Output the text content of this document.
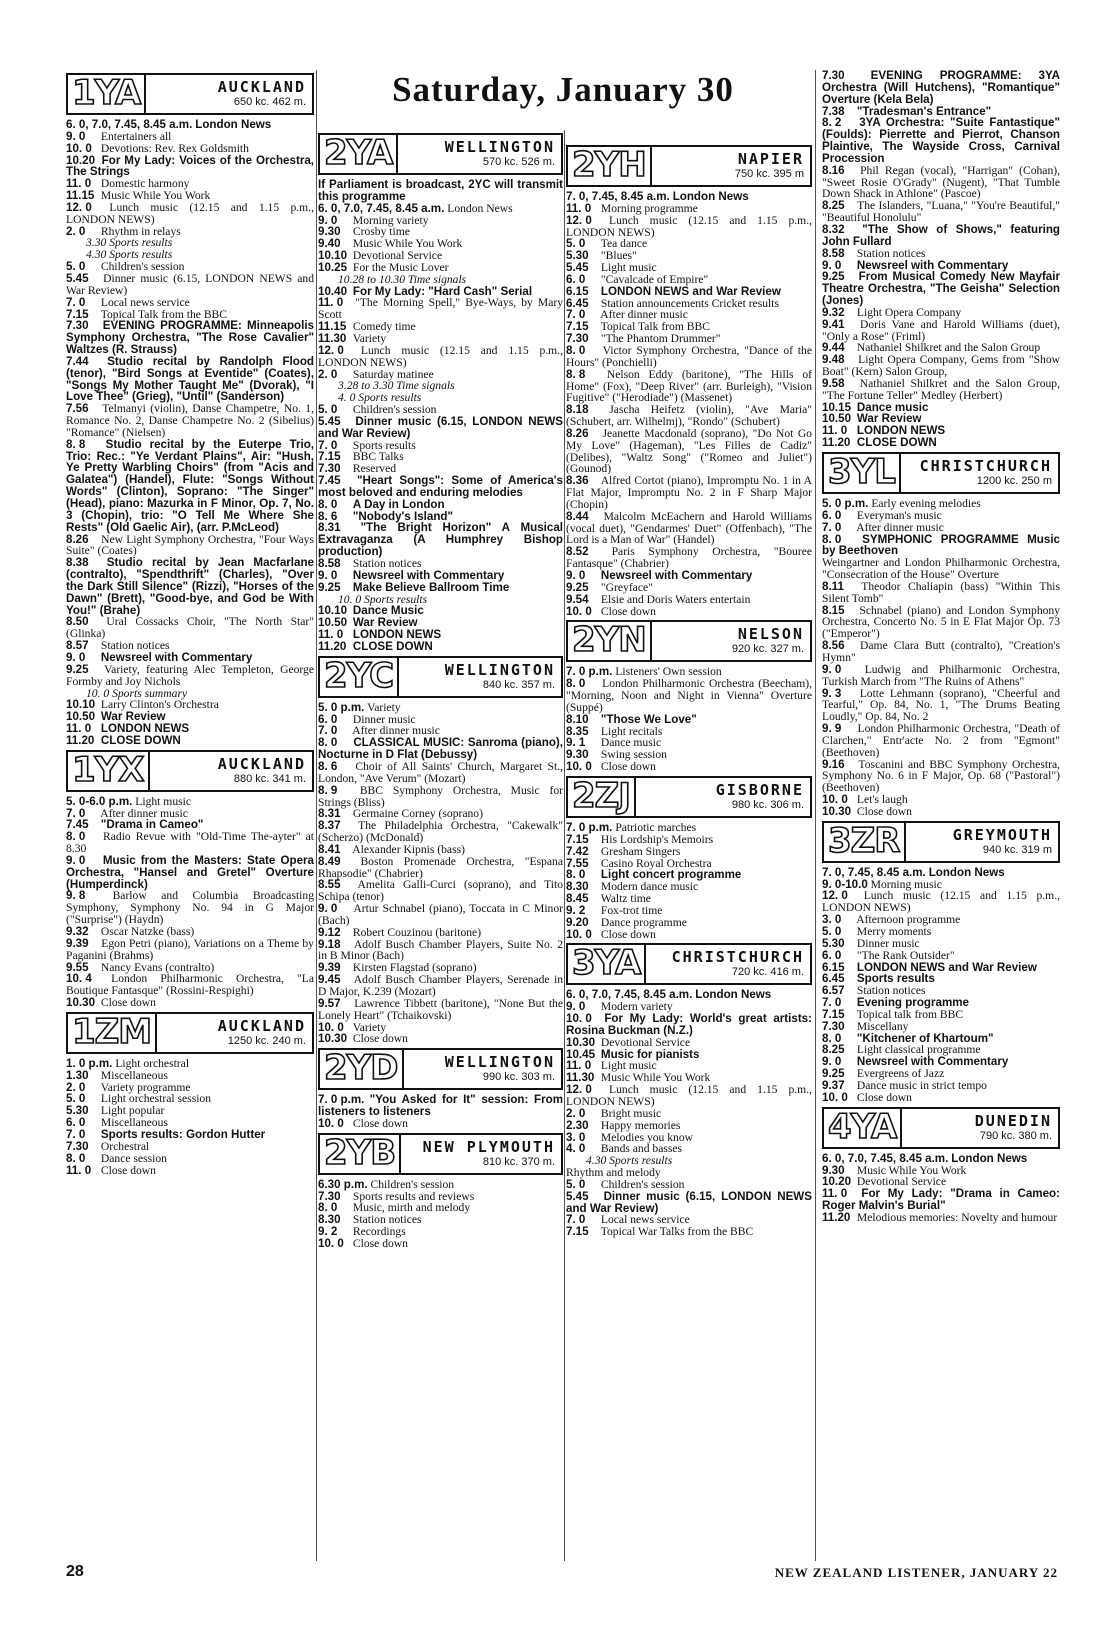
Saturday, January 30
1YA	AUCKLAND
650 kc. 462 m.

6. 0, 7.0, 7.45, 8.45 a.m. London News

9. 0 Entertainers all

10. 0 Devotions: Rev. Rex Goldsmith

10.20 For My Lady: Voices of the Orchestra, The Strings

11. 0 Domestic harmony

11.15 Music While You Work

12. 0 Lunch music (12.15 and 1.15 p.m., LONDON NEWS)

2. 0 Rhythm in relays

3.30 Sports results

4.30 Sports results

5. 0 Children's session

5.45 Dinner music (6.15, LONDON NEWS and War Review)

7. 0 Local news service

7.15 Topical Talk from the BBC

7.30 EVENING PROGRAMME: Minneapolis Symphony Orchestra, "The Rose Cavalier" Waltzes (R. Strauss)

7.44 Studio recital by Randolph Flood (tenor), "Bird Songs at Eventide" (Coates), "Songs My Mother Taught Me" (Dvorak), "I Love Thee" (Grieg), "Until" (Sanderson)

7.56 Telmanyi (violin), Danse Champetre, No. 1, Romance No. 2, Danse Champetre No. 2 (Sibelius) "Romance" (Nielsen)

8. 8 Studio recital by the Euterpe Trio, Trio: Rec.: "Ye Verdant Plains", Air: "Hush, Ye Pretty Warbling Choirs" (from "Acis and Galatea") (Handel), Flute: "Songs Without Words" (Clinton), Soprano: "The Singer" (Head), piano: Mazurka in F Minor, Op. 7, No. 3 (Chopin), trio: "O Tell Me Where She Rests" (Old Gaelic Air), (arr. P.McLeod)

8.26 New Light Symphony Orchestra, "Four Ways Suite" (Coates)

8.38 Studio recital by Jean Macfarlane (contralto), "Spendthrift" (Charles), "Over the Dark Still Silence" (Rizzi), "Horses of the Dawn" (Brett), "Good-bye, and God be With You!" (Brahe)

8.50 Ural Cossacks Choir, "The North Star" (Glinka)

8.57 Station notices

9. 0 Newsreel with Commentary

9.25 Variety, featuring Alec Templeton, George Formby and Joy Nichols

10. 0 Sports summary

10.10 Larry Clinton's Orchestra

10.50 War Review

11. 0 LONDON NEWS

11.20 CLOSE DOWN

1YX	AUCKLAND
880 kc. 341 m.

5. 0-6.0 p.m. Light music

7. 0 After dinner music

7.45 "Drama in Cameo"

8. 0 Radio Revue with "Old-Time The-ayter" at 8.30

9. 0 Music from the Masters: State Opera Orchestra, "Hansel and Gretel" Overture (Humperdinck)

9. 8 Barlow and Columbia Broadcasting Symphony, Symphony No. 94 in G Major ("Surprise") (Haydn)

9.32 Oscar Natzke (bass)

9.39 Egon Petri (piano), Variations on a Theme by Paganini (Brahms)

9.55 Nancy Evans (contralto)

10. 4 London Philharmonic Orchestra, "La Boutique Fantasque" (Rossini-Respighi)

10.30 Close down

1ZM	AUCKLAND
1250 kc. 240 m.

1. 0 p.m. Light orchestral

1.30 Miscellaneous

2. 0 Variety programme

5. 0 Light orchestral session

5.30 Light popular

6. 0 Miscellaneous

7. 0 Sports results: Gordon Hutter

7.30 Orchestral

8. 0 Dance session

11. 0 Close down

2YA	WELLINGTON
570 kc. 526 m.

If Parliament is broadcast, 2YC will transmit this programme

6. 0, 7.0, 7.45, 8.45 a.m. London News

9. 0 Morning variety

9.30 Crosby time

9.40 Music While You Work

10.10 Devotional Service

10.25 For the Music Lover

10.28 to 10.30 Time signals

10.40 For My Lady: "Hard Cash" Serial

11. 0 "The Morning Spell," Bye-Ways, by Mary Scott

11.15 Comedy time

11.30 Variety

12. 0 Lunch music (12.15 and 1.15 p.m., LONDON NEWS)

2. 0 Saturday matinee

3.28 to 3.30 Time signals

4. 0 Sports results

5. 0 Children's session

5.45 Dinner music (6.15, LONDON NEWS and War Review)

7. 0 Sports results

7.15 BBC Talks

7.30 Reserved

7.45 "Heart Songs": Some of America's most beloved and enduring melodies

8. 0 A Day in London

8. 6 "Nobody's Island"

8.31 "The Bright Horizon" A Musical Extravaganza (A Humphrey Bishop production)

8.58 Station notices

9. 0 Newsreel with Commentary

9.25 Make Believe Ballroom Time

10. 0 Sports results

10.10 Dance Music

10.50 War Review

11. 0 LONDON NEWS

11.20 CLOSE DOWN

2YC	WELLINGTON
840 kc. 357 m.

5. 0 p.m. Variety

6. 0 Dinner music

7. 0 After dinner music

8. 0 CLASSICAL MUSIC: Sanroma (piano), Nocturne in D Flat (Debussy)

8. 6 Choir of All Saints' Church, Margaret St., London, "Ave Verum" (Mozart)

8. 9 BBC Symphony Orchestra, Music for Strings (Bliss)

8.31 Germaine Corney (soprano)

8.37 The Philadelphia Orchestra, "Cakewalk" (Scherzo) (McDonald)

8.41 Alexander Kipnis (bass)

8.49 Boston Promenade Orchestra, "Espana Rhapsodie" (Chabrier)

8.55 Amelita Galli-Curci (soprano), and Tito Schipa (tenor)

9. 0 Artur Schnabel (piano), Toccata in C Minor (Bach)

9.12 Robert Couzinou (baritone)

9.18 Adolf Busch Chamber Players, Suite No. 2 in B Minor (Bach)

9.39 Kirsten Flagstad (soprano)

9.45 Adolf Busch Chamber Players, Serenade in D Major, K.239 (Mozart)

9.57 Lawrence Tibbett (baritone), "None But the Lonely Heart" (Tchaikovski)

10. 0 Variety

10.30 Close down

2YD	WELLINGTON
990 kc. 303 m.

7. 0 p.m. "You Asked for It" session: From listeners to listeners

10. 0 Close down

2YB	NEW PLYMOUTH
810 kc. 370 m.

6.30 p.m. Children's session

7.30 Sports results and reviews

8. 0 Music, mirth and melody

8.30 Station notices

9. 2 Recordings

10. 0 Close down

2YH	NAPIER
750 kc. 395 m

7. 0, 7.45, 8.45 a.m. London News

11. 0 Morning programme

12. 0 Lunch music (12.15 and 1.15 p.m., LONDON NEWS)

5. 0 Tea dance

5.30 "Blues"

5.45 Light music

6. 0 "Cavalcade of Empire"

6.15 LONDON NEWS and War Review

6.45 Station announcements Cricket results

7. 0 After dinner music

7.15 Topical Talk from BBC

7.30 "The Phantom Drummer"

8. 0 Victor Symphony Orchestra, "Dance of the Hours" (Ponchielli)

8. 8 Nelson Eddy (baritone), "The Hills of Home" (Fox), "Deep River" (arr. Burleigh), "Vision Fugitive" ("Herodiade") (Massenet)

8.18 Jascha Heifetz (violin), "Ave Maria" (Schubert, arr. Wilhelmj), "Rondo" (Schubert)

8.26 Jeanette Macdonald (soprano), "Do Not Go My Love" (Hageman), "Les Filles de Cadiz" (Delibes), "Waltz Song" ("Romeo and Juliet") (Gounod)

8.36 Alfred Cortot (piano), Impromptu No. 1 in A Flat Major, Impromptu No. 2 in F Sharp Major (Chopin)

8.44 Malcolm McEachern and Harold Williams (vocal duet), "Gendarmes' Duet" (Offenbach), "The Lord is a Man of War" (Handel)

8.52 Paris Symphony Orchestra, "Bouree Fantasque" (Chabrier)

9. 0 Newsreel with Commentary

9.25 "Greyface"

9.54 Elsie and Doris Waters entertain

10. 0 Close down

2YN	NELSON
920 kc. 327 m.

7. 0 p.m. Listeners' Own session

8. 0 London Philharmonic Orchestra (Beecham), "Morning, Noon and Night in Vienna" Overture (Suppé)

8.10 "Those We Love"

8.35 Light recitals

9. 1 Dance music

9.30 Swing session

10. 0 Close down

2ZJ	GISBORNE
980 kc. 306 m.

7. 0 p.m. Patriotic marches

7.15 His Lordship's Memoirs

7.42 Gresham Singers

7.55 Casino Royal Orchestra

8. 0 Light concert programme

8.30 Modern dance music

8.45 Waltz time

9. 2 Fox-trot time

9.20 Dance programme

10. 0 Close down

3YA	CHRISTCHURCH
720 kc. 416 m.

6. 0, 7.0, 7.45, 8.45 a.m. London News

9. 0 Modern variety

10. 0 For My Lady: World's great artists: Rosina Buckman (N.Z.)

10.30 Devotional Service

10.45 Music for pianists

11. 0 Light music

11.30 Music While You Work

12. 0 Lunch music (12.15 and 1.15 p.m., LONDON NEWS)

2. 0 Bright music

2.30 Happy memories

3. 0 Melodies you know

4. 0 Bands and basses

4.30 Sports results

Rhythm and melody

5. 0 Children's session

5.45 Dinner music (6.15, LONDON NEWS and War Review)

7. 0 Local news service

7.15 Topical War Talks from the BBC

7.30 EVENING PROGRAMME: 3YA Orchestra (Will Hutchens), "Romantique" Overture (Kela Bela)

7.38 "Tradesman's Entrance"

8. 2 3YA Orchestra: "Suite Fantastique" (Foulds): Pierrette and Pierrot, Chanson Plaintive, The Wayside Cross, Carnival Procession

8.16 Phil Regan (vocal), "Harrigan" (Cohan), "Sweet Rosie O'Grady" (Nugent), "That Tumble Down Shack in Athlone" (Pascoe)

8.25 The Islanders, "Luana," "You're Beautiful," "Beautiful Honolulu"

8.32 "The Show of Shows," featuring John Fullard

8.58 Station notices

9. 0 Newsreel with Commentary

9.25 From Musical Comedy New Mayfair Theatre Orchestra, "The Geisha" Selection (Jones)

9.32 Light Opera Company

9.41 Doris Vane and Harold Williams (duet), "Only a Rose" (Friml)

9.44 Nathaniel Shilkret and the Salon Group

9.48 Light Opera Company, Gems from "Show Boat" (Kern) Salon Group,

9.58 Nathaniel Shilkret and the Salon Group, "The Fortune Teller" Medley (Herbert)

10.15 Dance music

10.50 War Review

11. 0 LONDON NEWS

11.20 CLOSE DOWN

3YL	CHRISTCHURCH
1200 kc. 250 m

5. 0 p.m. Early evening melodies

6. 0 Everyman's music

7. 0 After dinner music

8. 0 SYMPHONIC PROGRAMME Music by Beethoven

Weingartner and London Philharmonic Orchestra, "Consecration of the House" Overture

8.11 Theodor Chaliapin (bass) "Within This Silent Tomb"

8.15 Schnabel (piano) and London Symphony Orchestra, Concerto No. 5 in E Flat Major Op. 73 ("Emperor")

8.56 Dame Clara Butt (contralto), "Creation's Hymn"

9. 0 Ludwig and Philharmonic Orchestra, Turkish March from "The Ruins of Athens"

9. 3 Lotte Lehmann (soprano), "Cheerful and Tearful," Op. 84, No. 1, "The Drums Beating Loudly," Op. 84, No. 2

9. 9 London Philharmonic Orchestra, "Death of Clarchen," Entr'acte No. 2 from "Egmont" (Beethoven)

9.16 Toscanini and BBC Symphony Orchestra, Symphony No. 6 in F Major, Op. 68 ("Pastoral") (Beethoven)

10. 0 Let's laugh

10.30 Close down

3ZR	GREYMOUTH
940 kc. 319 m

7. 0, 7.45, 8.45 a.m. London News

9. 0-10.0 Morning music

12. 0 Lunch music (12.15 and 1.15 p.m., LONDON NEWS)

3. 0 Afternoon programme

5. 0 Merry moments

5.30 Dinner music

6. 0 "The Rank Outsider"

6.15 LONDON NEWS and War Review

6.45 Sports results

6.57 Station notices

7. 0 Evening programme

7.15 Topical talk from BBC

7.30 Miscellany

8. 0 "Kitchener of Khartoum"

8.25 Light classical programme

9. 0 Newsreel with Commentary

9.25 Evergreens of Jazz

9.37 Dance music in strict tempo

10. 0 Close down

4YA	DUNEDIN
790 kc. 380 m.

6. 0, 7.0, 7.45, 8.45 a.m. London News

9.30 Music While You Work

10.20 Devotional Service

11. 0 For My Lady: "Drama in Cameo: Roger Malvin's Burial"

11.20 Melodious memories: Novelty and humour

28	NEW ZEALAND LISTENER, JANUARY 22
